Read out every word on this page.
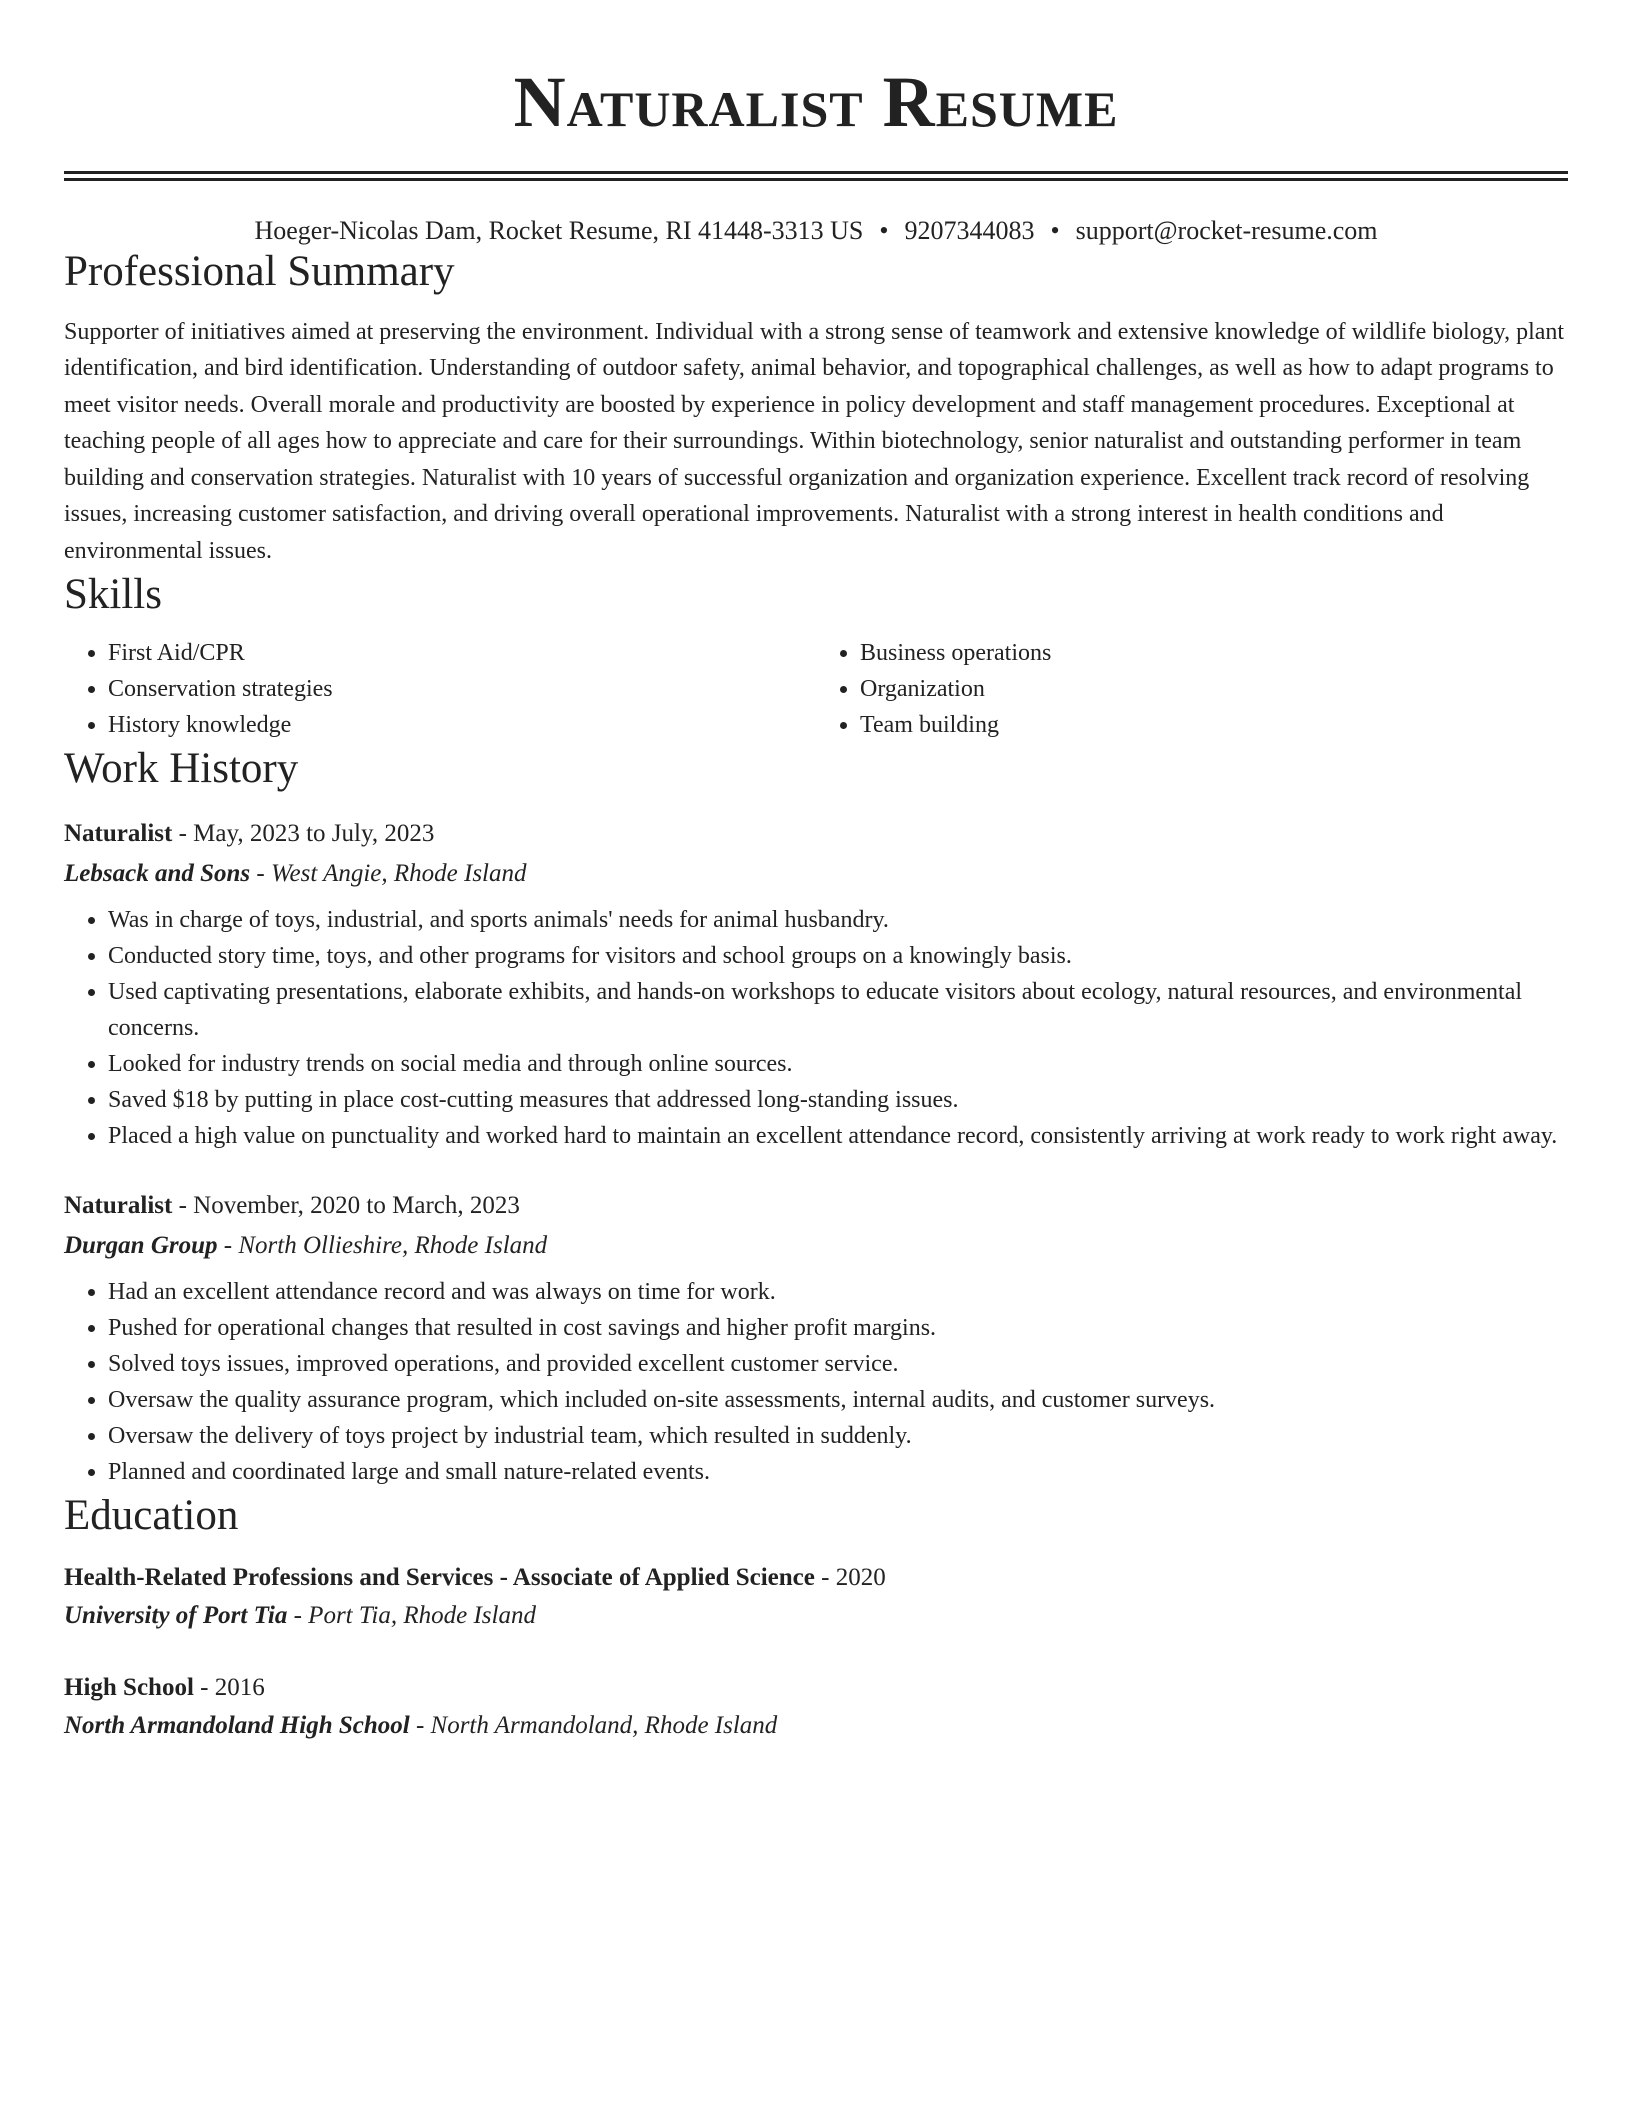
Naturalist Resume
Hoeger-Nicolas Dam, Rocket Resume, RI 41448-3313 US • 9207344083 • support@rocket-resume.com
Professional Summary

Supporter of initiatives aimed at preserving the environment. Individual with a strong sense of teamwork and extensive knowledge of wildlife biology, plant identification, and bird identification. Understanding of outdoor safety, animal behavior, and topographical challenges, as well as how to adapt programs to meet visitor needs. Overall morale and productivity are boosted by experience in policy development and staff management procedures. Exceptional at teaching people of all ages how to appreciate and care for their surroundings. Within biotechnology, senior naturalist and outstanding performer in team building and conservation strategies. Naturalist with 10 years of successful organization and organization experience. Excellent track record of resolving issues, increasing customer satisfaction, and driving overall operational improvements. Naturalist with a strong interest in health conditions and environmental issues.

Skills
• First Aid/CPR
• Conservation strategies
• History knowledge
• Business operations
• Organization
• Team building
Work History
Naturalist - May, 2023 to July, 2023
Lebsack and Sons - West Angie, Rhode Island
• Was in charge of toys, industrial, and sports animals' needs for animal husbandry.
• Conducted story time, toys, and other programs for visitors and school groups on a knowingly basis.
• Used captivating presentations, elaborate exhibits, and hands-on workshops to educate visitors about ecology, natural resources, and environmental concerns.
• Looked for industry trends on social media and through online sources.
• Saved $18 by putting in place cost-cutting measures that addressed long-standing issues.
• Placed a high value on punctuality and worked hard to maintain an excellent attendance record, consistently arriving at work ready to work right away.
Naturalist - November, 2020 to March, 2023
Durgan Group - North Ollieshire, Rhode Island
• Had an excellent attendance record and was always on time for work.
• Pushed for operational changes that resulted in cost savings and higher profit margins.
• Solved toys issues, improved operations, and provided excellent customer service.
• Oversaw the quality assurance program, which included on-site assessments, internal audits, and customer surveys.
• Oversaw the delivery of toys project by industrial team, which resulted in suddenly.
• Planned and coordinated large and small nature-related events.
Education
Health-Related Professions and Services - Associate of Applied Science - 2020
University of Port Tia - Port Tia, Rhode Island
High School - 2016
North Armandoland High School - North Armandoland, Rhode Island
